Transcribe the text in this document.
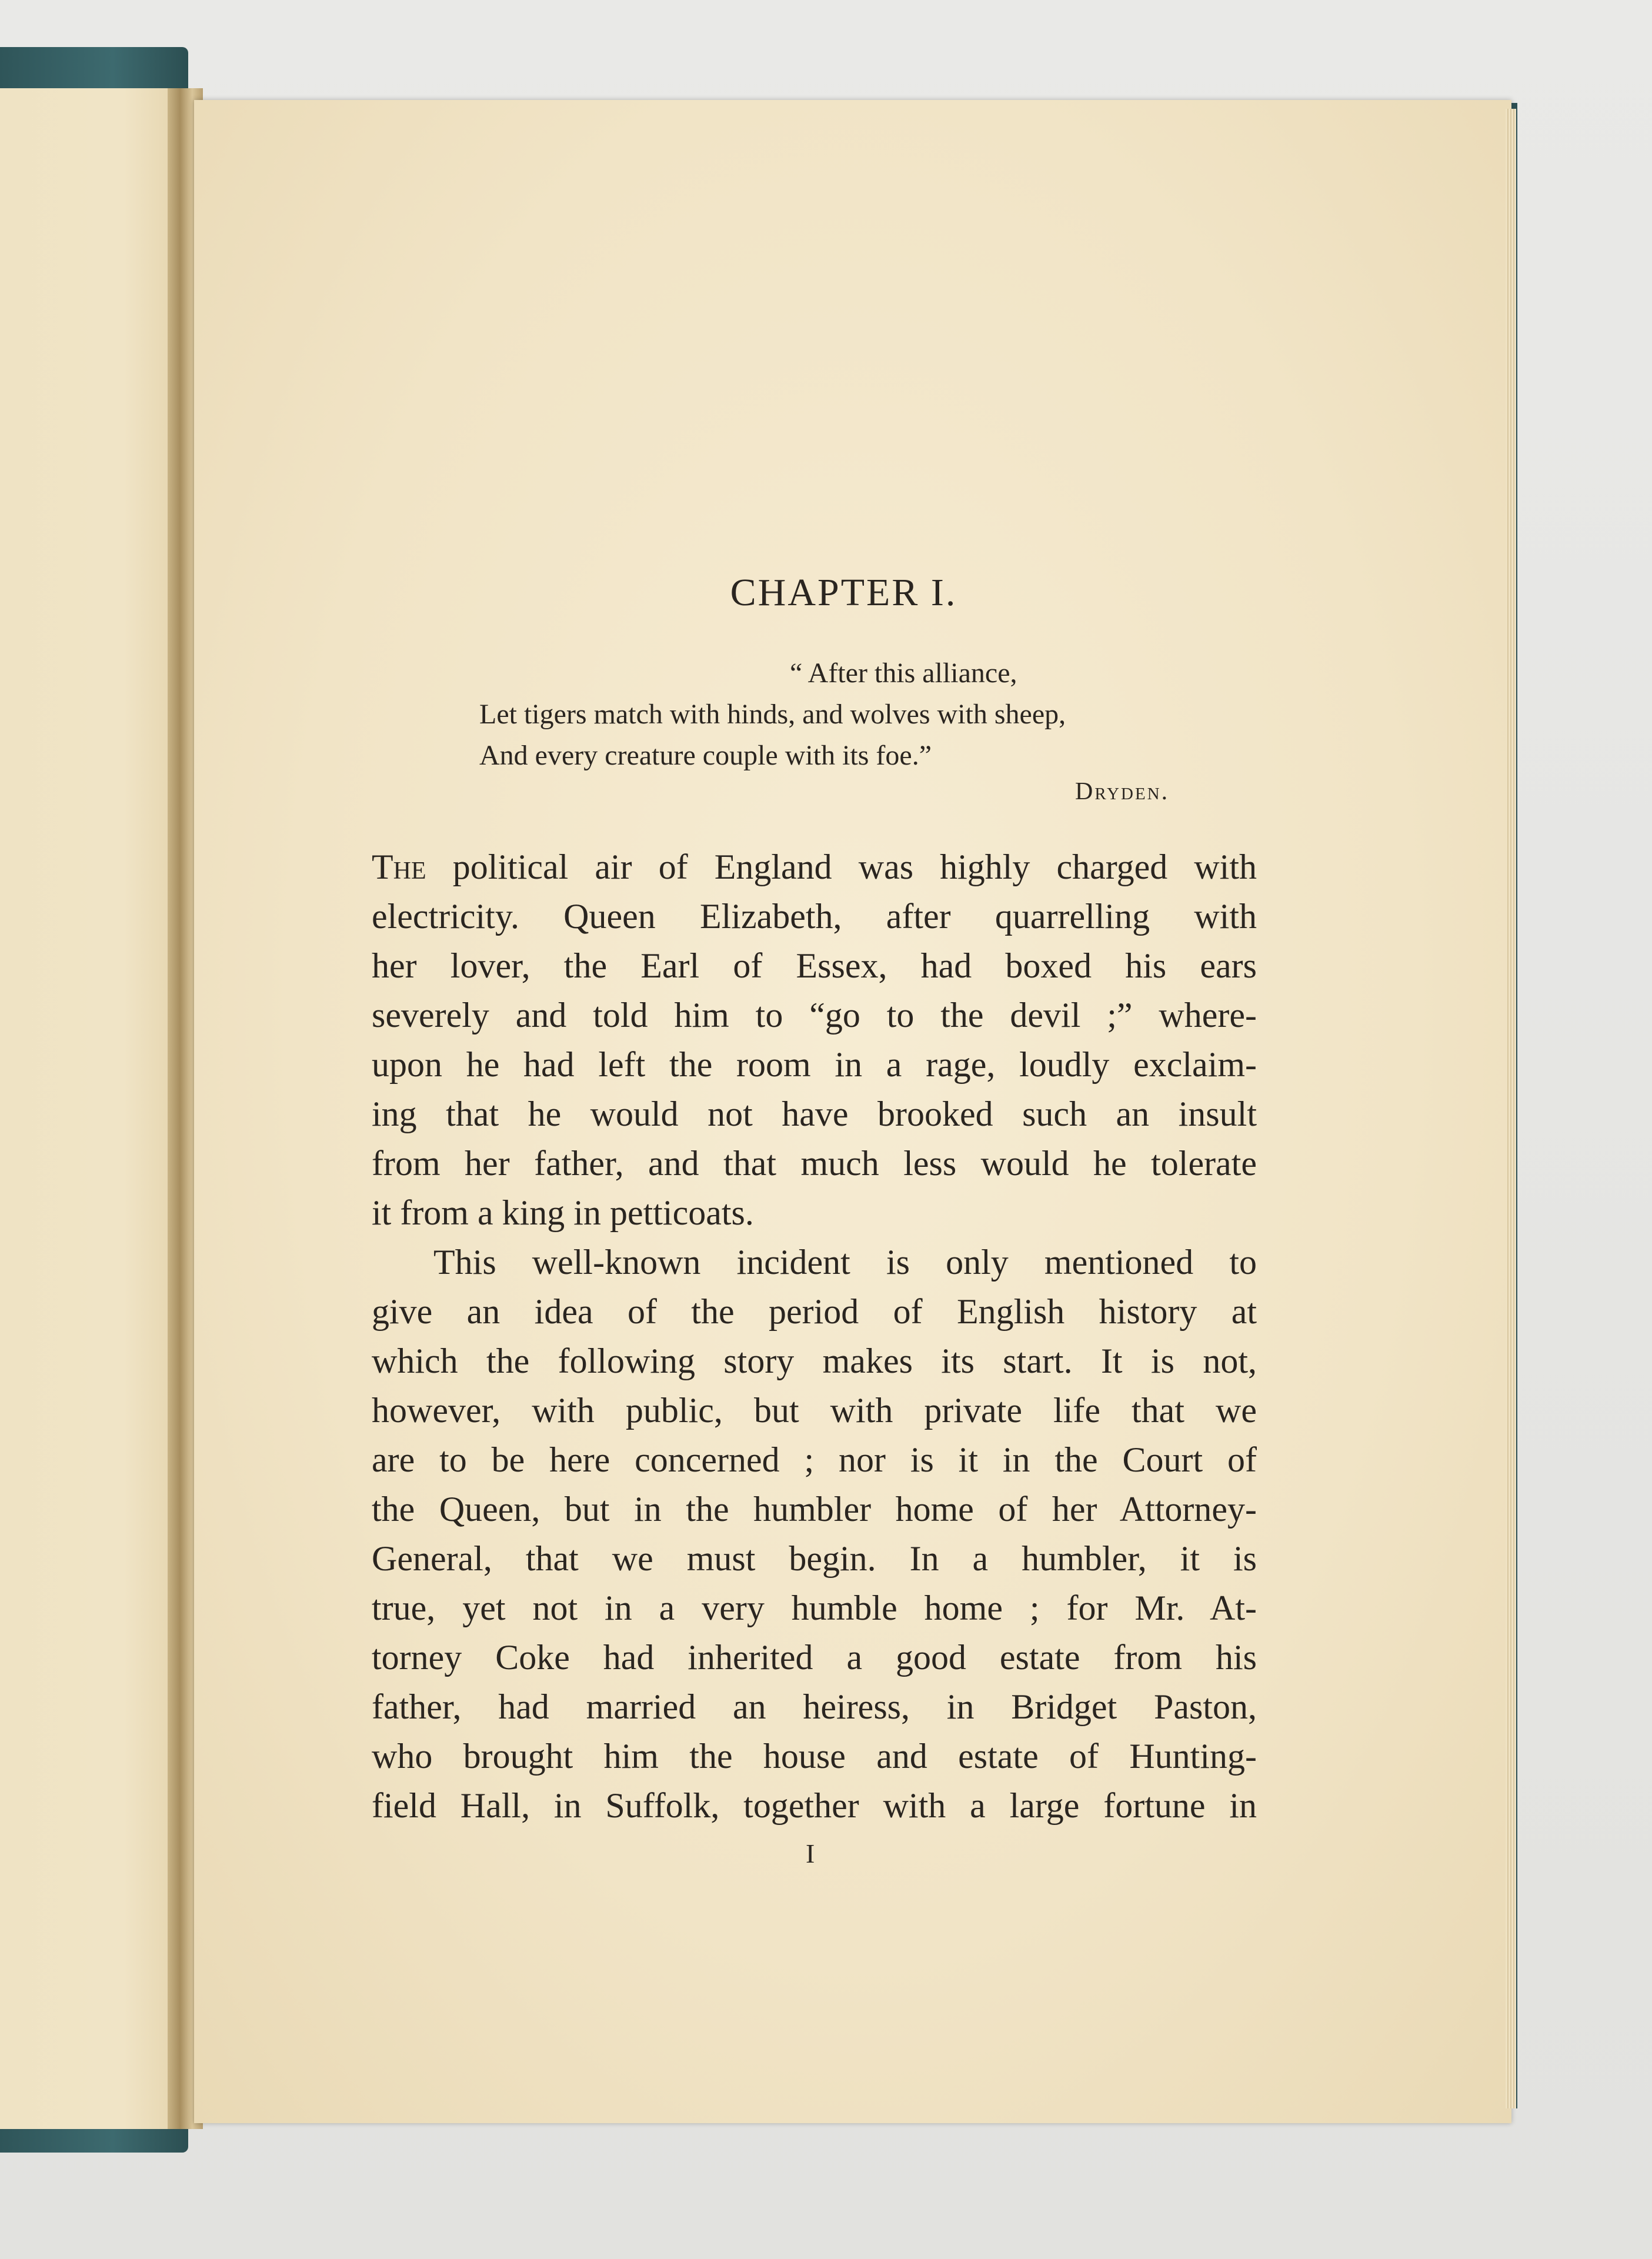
CHAPTER I.
“ After this alliance,
Let tigers match with hinds, and wolves with sheep,
And every creature couple with its foe.”
Dryden.
The political air of England was highly charged with
electricity. Queen Elizabeth, after quarrelling with
her lover, the Earl of Essex, had boxed his ears
severely and told him to “go to the devil ;” where-
upon he had left the room in a rage, loudly exclaim-
ing that he would not have brooked such an insult
from her father, and that much less would he tolerate
it from a king in petticoats.
This well-known incident is only mentioned to
give an idea of the period of English history at
which the following story makes its start. It is not,
however, with public, but with private life that we
are to be here concerned ; nor is it in the Court of
the Queen, but in the humbler home of her Attorney-
General, that we must begin. In a humbler, it is
true, yet not in a very humble home ; for Mr. At-
torney Coke had inherited a good estate from his
father, had married an heiress, in Bridget Paston,
who brought him the house and estate of Hunting-
field Hall, in Suffolk, together with a large fortune in
I
